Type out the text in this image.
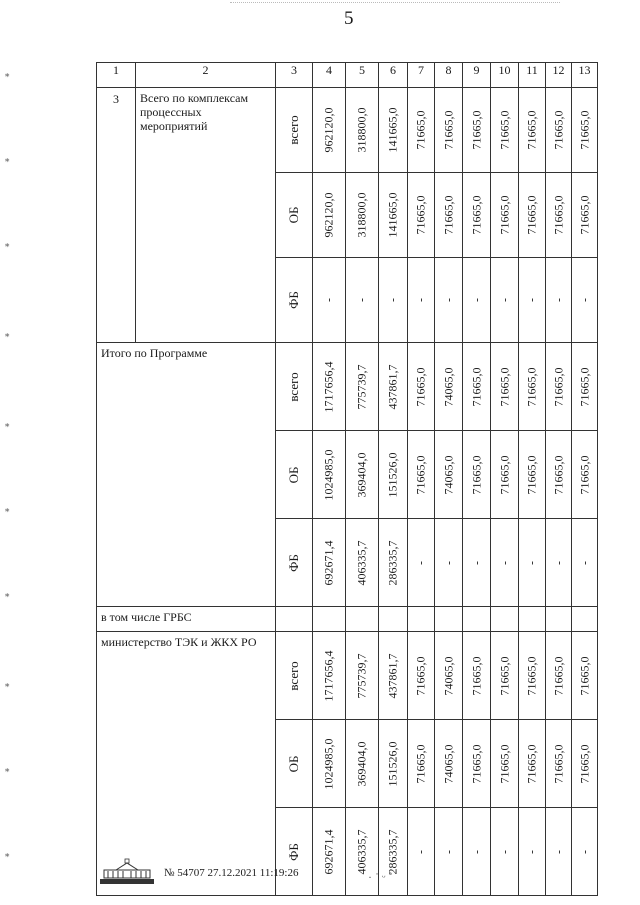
5
∗
∗
∗
∗
∗
∗
∗
∗
∗
∗
1	2	3	4	5	6	7	8	9	10	11	12	13

3	Всего по комплексам процессных мероприятий	всего	962120,0	318800,0	141665,0	71665,0	71665,0	71665,0	71665,0	71665,0	71665,0	71665,0

		ОБ	962120,0	318800,0	141665,0	71665,0	71665,0	71665,0	71665,0	71665,0	71665,0	71665,0

		ФБ	-	-	-	-	-	-	-	-	-	-

Итого по Программе		всего	1717656,4	775739,7	437861,7	71665,0	74065,0	71665,0	71665,0	71665,0	71665,0	71665,0

		ОБ	1024985,0	369404,0	151526,0	71665,0	74065,0	71665,0	71665,0	71665,0	71665,0	71665,0

		ФБ	692671,4	406335,7	286335,7	-	-	-	-	-	-	-

в том числе ГРБС												

министерство ТЭК и ЖКХ РО		всего	1717656,4	775739,7	437861,7	71665,0	74065,0	71665,0	71665,0	71665,0	71665,0	71665,0

		ОБ	1024985,0	369404,0	151526,0	71665,0	74065,0	71665,0	71665,0	71665,0	71665,0	71665,0

		ФБ	692671,4	406335,7	286335,7	-	-	-	-	-	-	-
№ 54707 27.12.2021 11:19:26	· ˙ ᵕ ˚
